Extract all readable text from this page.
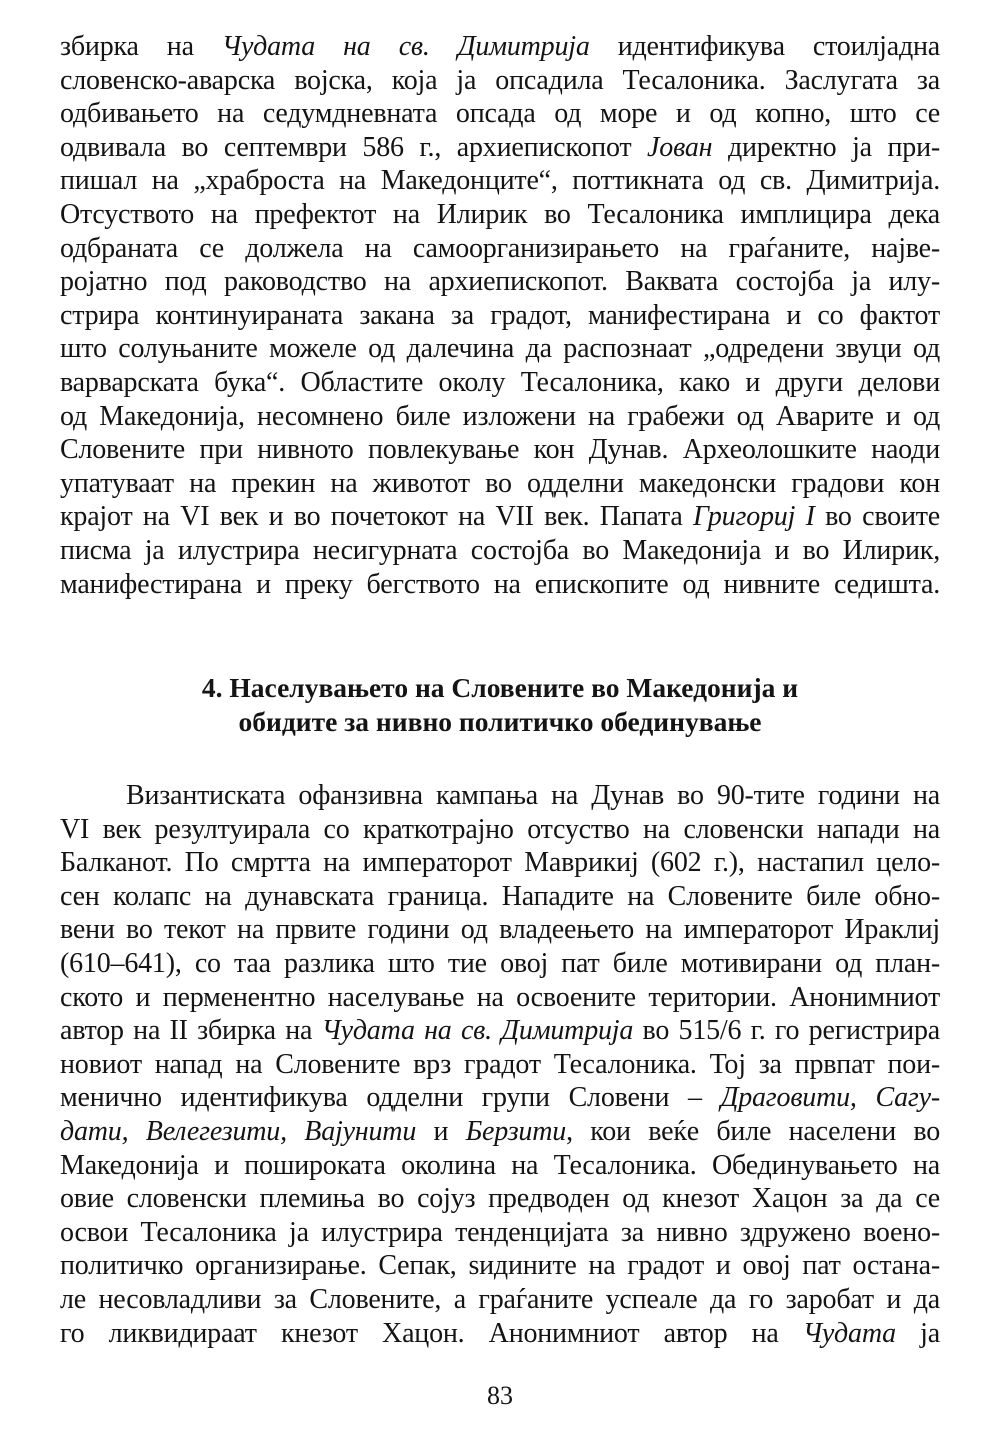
збирка на Чудата на св. Димитрија идентификува стоилјадна
словенско-аварска војска, која ја опсадила Тесалоника. Заслугата за
одбивањето на седумдневната опсада од море и од копно, што се
одвивала во септември 586 г., архиепископот Јован директно ја при-
пишал на „храброста на Македонците“, поттикната од св. Димитрија.
Отсуството на префектот на Илирик во Тесалоника имплицира дека
одбраната се должела на самоорганизирањето на граѓаните, најве-
ројатно под раководство на архиепископот. Ваквата состојба ја илу-
стрира континуираната закана за градот, манифестирана и со фактот
што солуњаните можеле од далечина да распознаат „одредени звуци од
варварската бука“. Областите околу Тесалоника, како и други делови
од Македонија, несомнено биле изложени на грабежи од Аварите и од
Словените при нивното повлекување кон Дунав. Археолошките наоди
упатуваат на прекин на животот во одделни македонски градови кон
крајот на VI век и во почетокот на VII век. Папата Григориј I во своите
писма ја илустрира несигурната состојба во Македонија и во Илирик,
манифестирана и преку бегството на епископите од нивните седишта.
4. Населувањето на Словените во Македонија и
обидите за нивно политичко обединување
Византиската офанзивна кампања на Дунав во 90-тите години на
VI век резултуирала со краткотрајно отсуство на словенски напади на
Балканот. По смртта на императорот Маврикиј (602 г.), настапил цело-
сен колапс на дунавската граница. Нападите на Словените биле обно-
вени во текот на првите години од владеењето на императорот Ираклиј
(610–641), со таа разлика што тие овој пат биле мотивирани од план-
ското и перменентно населување на освоените територии. Анонимниот
автор на II збирка на Чудата на св. Димитрија во 515/6 г. го регистрира
новиот напад на Словените врз градот Тесалоника. Тој за првпат пои-
менично идентификува одделни групи Словени – Драговити, Сагу-
дати, Велегезити, Вајунити и Берзити, кои веќе биле населени во
Македонија и пошироката околина на Тесалоника. Обединувањето на
овие словенски племиња во сојуз предводен од кнезот Хацон за да се
освои Тесалоника ја илустрира тенденцијата за нивно здружено воено-
политичко организирање. Сепак, ѕидините на градот и овој пат остана-
ле несовладливи за Словените, а граѓаните успеале да го заробат и да
го ликвидираат кнезот Хацон. Анонимниот автор на Чудата ја
83
